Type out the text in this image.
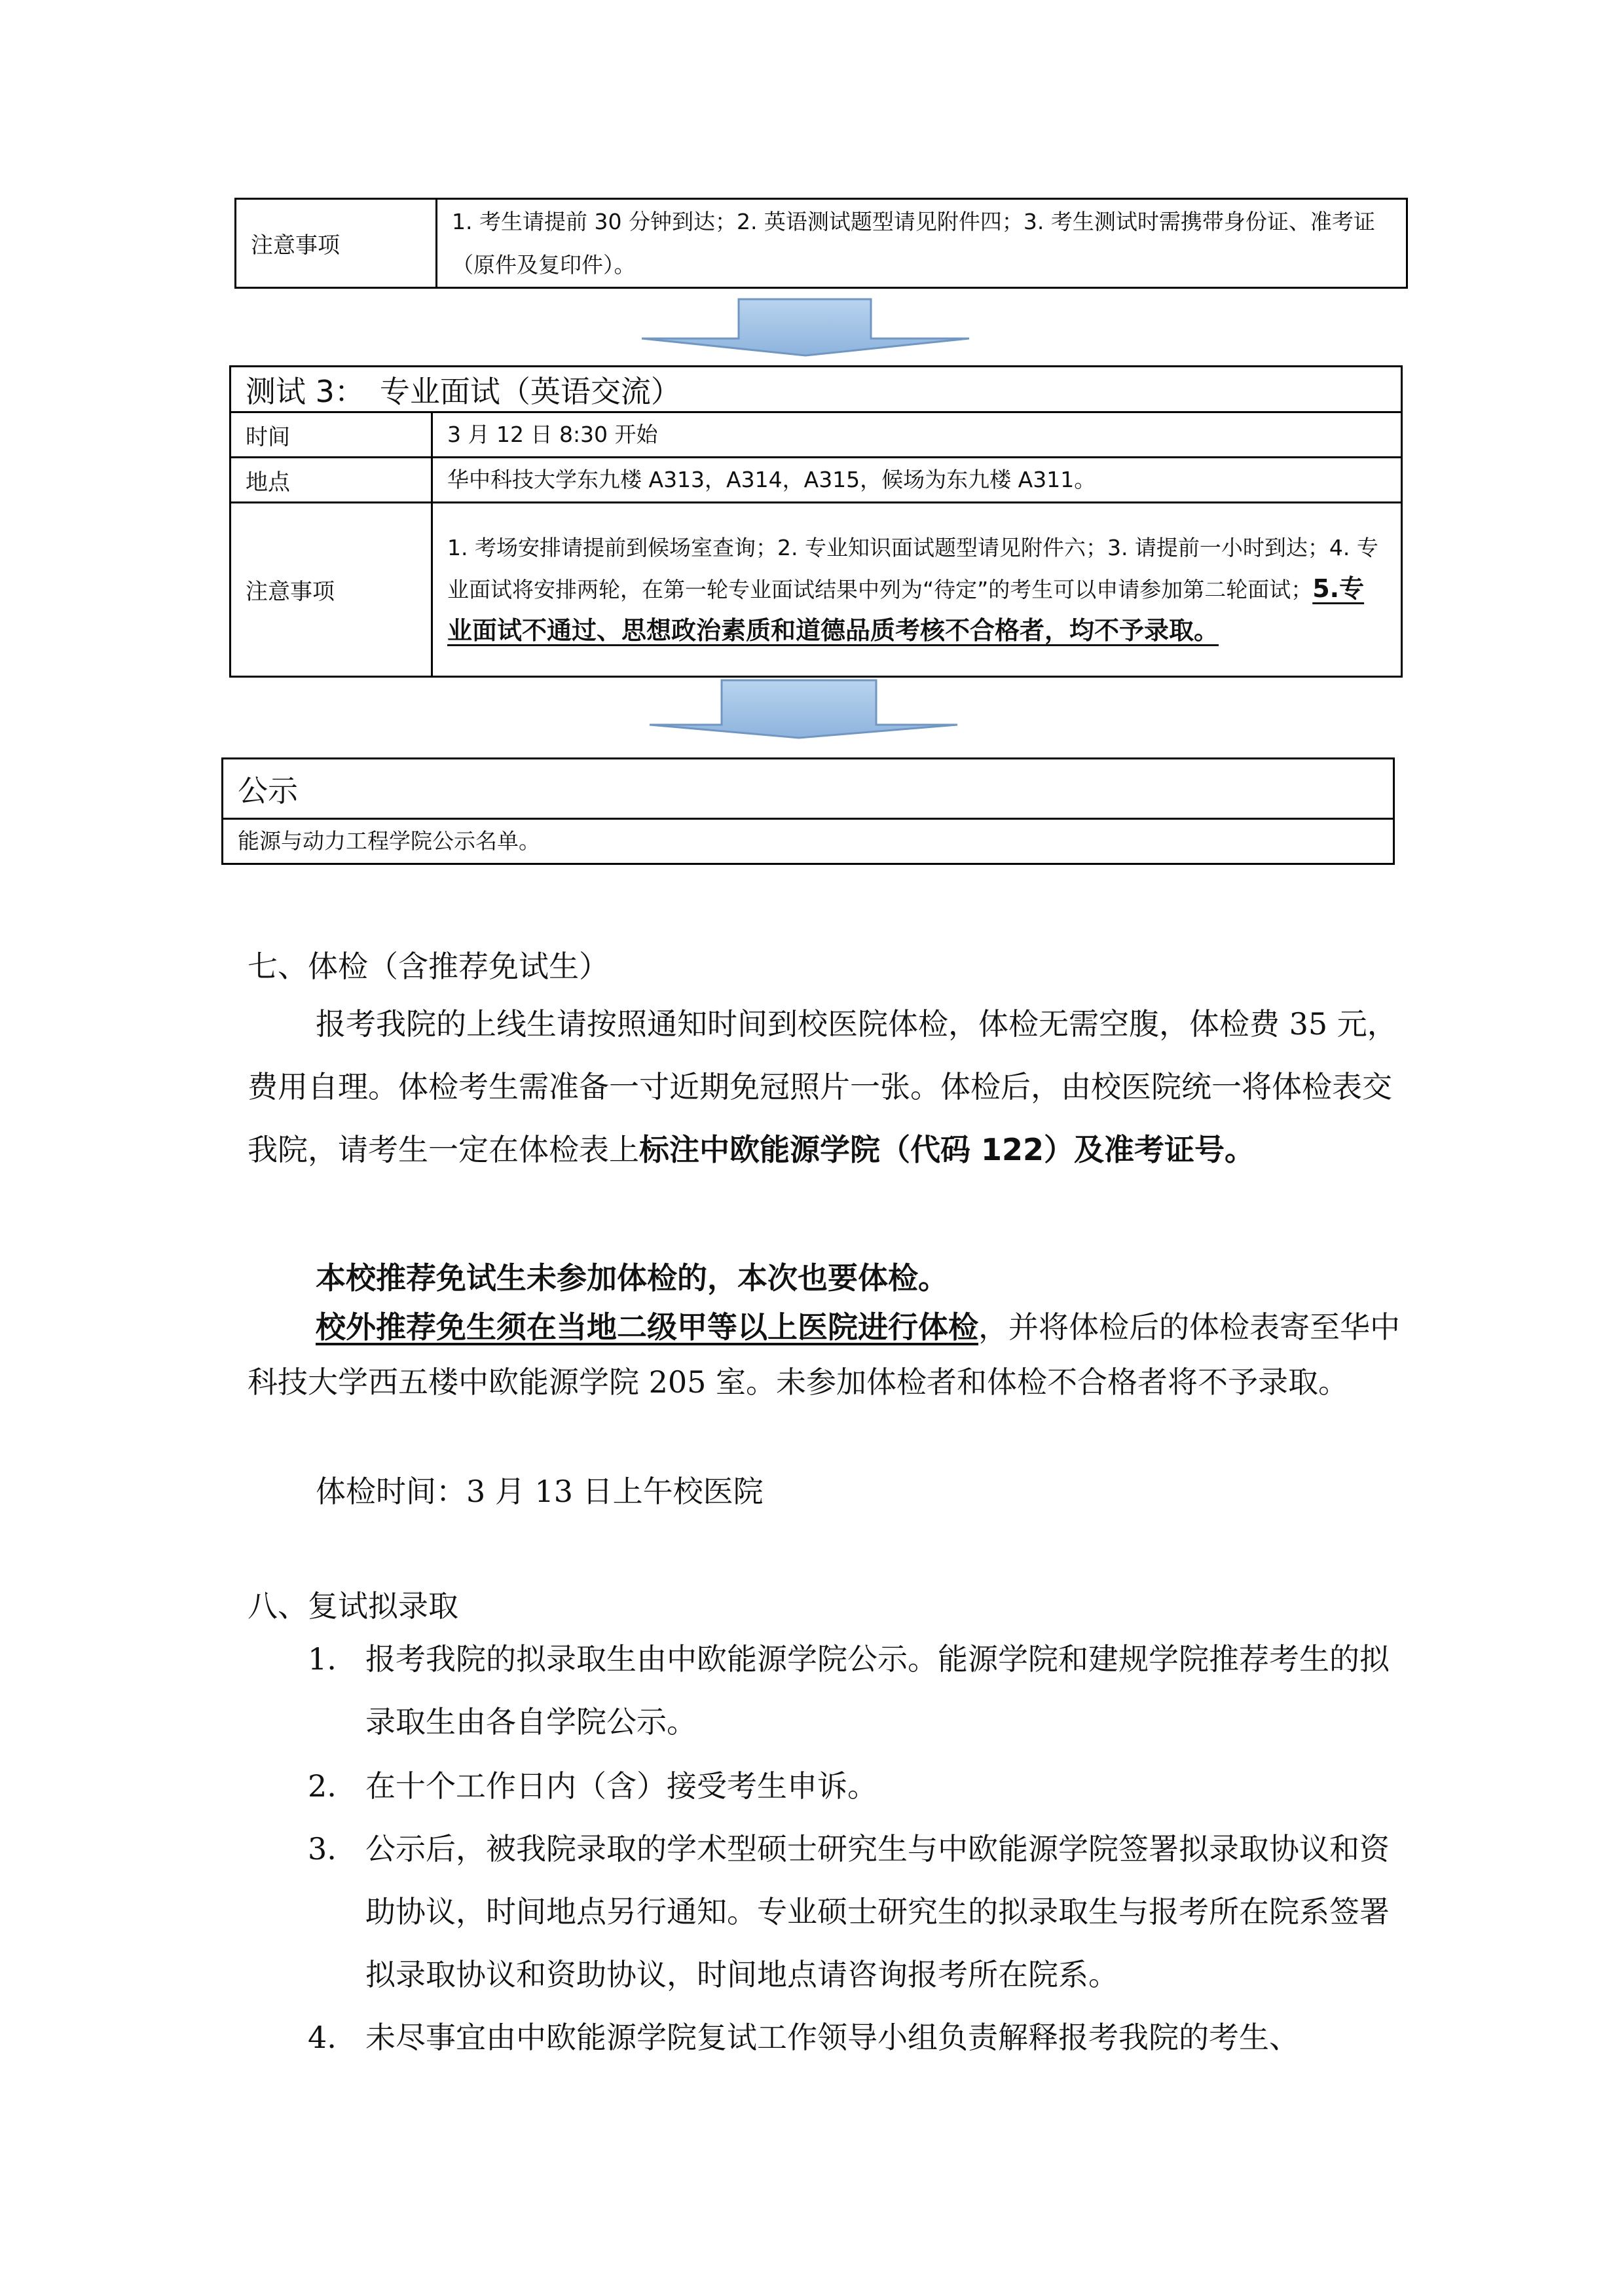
注意事项	1. 考生请提前 30 分钟到达；2. 英语测试题型请见附件四；3. 考生测试时需携带身份证、准考证（原件及复印件）。
测试 3：　专业面试（英语交流）	
时间	3 月 12 日 8:30 开始
地点	华中科技大学东九楼 A313，A314，A315，候场为东九楼 A311。
注意事项	1. 考场安排请提前到候场室查询；2. 专业知识面试题型请见附件六；3. 请提前一小时到达；4. 专业面试将安排两轮，在第一轮专业面试结果中列为“待定”的考生可以申请参加第二轮面试；5.专业面试不通过、思想政治素质和道德品质考核不合格者，均不予录取。
公示
能源与动力工程学院公示名单。
七、体检（含推荐免试生）
报考我院的上线生请按照通知时间到校医院体检，体检无需空腹，体检费 35 元，费用自理。体检考生需准备一寸近期免冠照片一张。体检后，由校医院统一将体检表交我院，请考生一定在体检表上标注中欧能源学院（代码 122）及准考证号。
本校推荐免试生未参加体检的，本次也要体检。
校外推荐免生须在当地二级甲等以上医院进行体检，并将体检后的体检表寄至华中科技大学西五楼中欧能源学院 205 室。未参加体检者和体检不合格者将不予录取。
体检时间：3 月 13 日上午校医院
八、复试拟录取
1. 报考我院的拟录取生由中欧能源学院公示。能源学院和建规学院推荐考生的拟录取生由各自学院公示。
2. 在十个工作日内（含）接受考生申诉。
3. 公示后，被我院录取的学术型硕士研究生与中欧能源学院签署拟录取协议和资助协议，时间地点另行通知。专业硕士研究生的拟录取生与报考所在院系签署拟录取协议和资助协议，时间地点请咨询报考所在院系。
4. 未尽事宜由中欧能源学院复试工作领导小组负责解释报考我院的考生、
